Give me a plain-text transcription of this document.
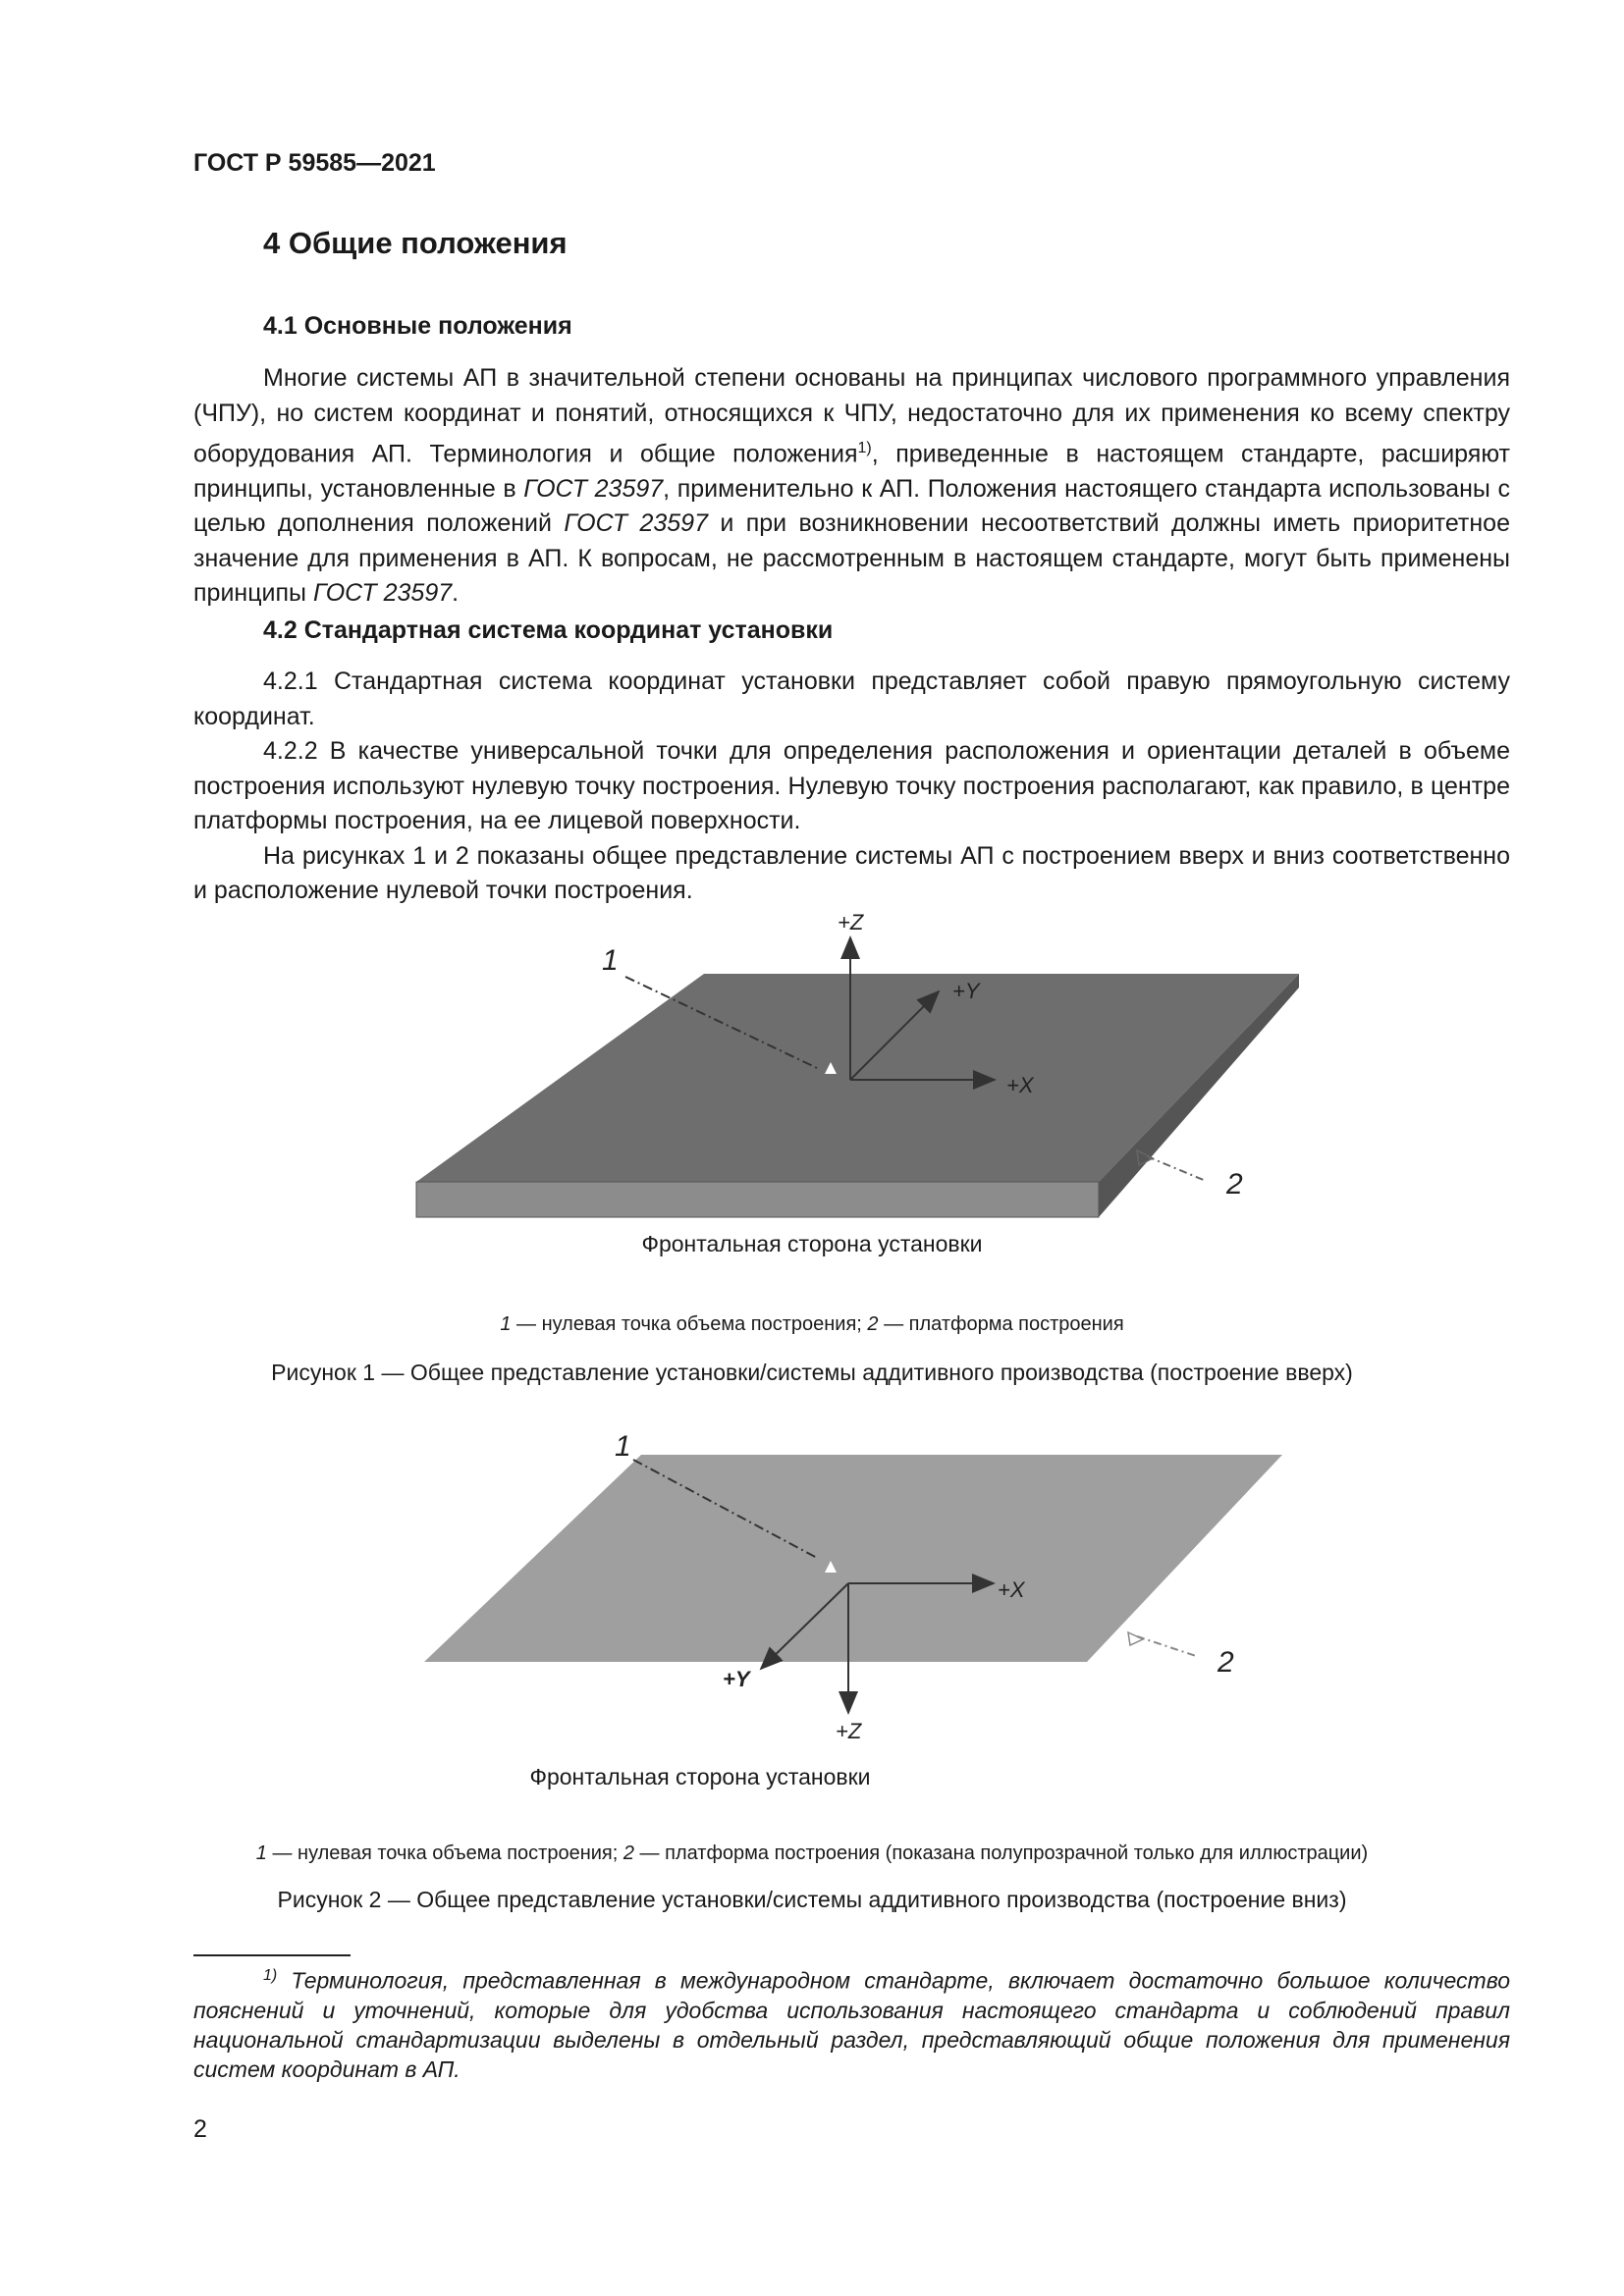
ГОСТ Р 59585—2021
4 Общие положения
4.1 Основные положения

Многие системы АП в значительной степени основаны на принципах числового программного управления (ЧПУ), но систем координат и понятий, относящихся к ЧПУ, недостаточно для их применения ко всему спектру оборудования АП. Терминология и общие положения$^{1)}$, приведенные в настоящем стандарте, расширяют принципы, установленные в ГОСТ 23597, применительно к АП. Положения настоящего стандарта использованы с целью дополнения положений ГОСТ 23597 и при возникновении несоответствий должны иметь приоритетное значение для применения в АП. К вопросам, не рассмотренным в настоящем стандарте, могут быть применены принципы ГОСТ 23597.

4.2 Стандартная система координат установки

4.2.1 Стандартная система координат установки представляет собой правую прямоугольную систему координат.

4.2.2 В качестве универсальной точки для определения расположения и ориентации деталей в объеме построения используют нулевую точку построения. Нулевую точку построения располагают, как правило, в центре платформы построения, на ее лицевой поверхности.

На рисунках 1 и 2 показаны общее представление системы АП с построением вверх и вниз соответственно и расположение нулевой точки построения.

+Z
+Y
+X
1
2
Фронтальная сторона установки
1 — нулевая точка объема построения; 2 — платформа построения
Рисунок 1 — Общее представление установки/системы аддитивного производства (построение вверх)
+X
+Y
+Z
1
2
Фронтальная сторона установки
1 — нулевая точка объема построения; 2 — платформа построения (показана полупрозрачной только для иллюстрации)
Рисунок 2 — Общее представление установки/системы аддитивного производства (построение вниз)
$^{1)}$ Терминология, представленная в международном стандарте, включает достаточно большое количество пояснений и уточнений, которые для удобства использования настоящего стандарта и соблюдений правил национальной стандартизации выделены в отдельный раздел, представляющий общие положения для применения систем координат в АП.
2
